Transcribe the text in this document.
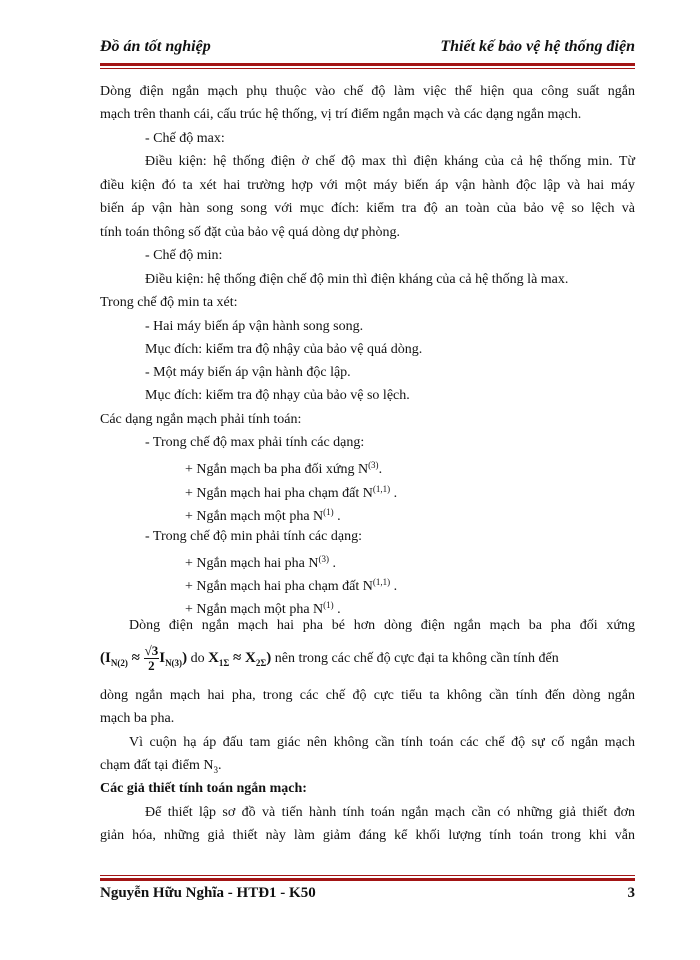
Đồ án tốt nghiệp	Thiết kế bảo vệ hệ thống điện
Dòng điện ngắn mạch phụ thuộc vào chế độ làm việc thể hiện qua công suất ngắn
mạch trên thanh cái, cấu trúc hệ thống, vị trí điểm ngắn mạch và các dạng ngắn mạch.
- Chế độ max:
Điều kiện: hệ thống điện ở chế độ max thì điện kháng của cả hệ thống min. Từ
điều kiện đó ta xét hai trường hợp với một máy biến áp vận hành độc lập và hai máy
biến áp vận hàn song song với mục đích: kiểm tra độ an toàn của bảo vệ so lệch và
tính toán thông số đặt của bảo vệ quá dòng dự phòng.
- Chế độ min:
Điều kiện: hệ thống điện chế độ min thì điện kháng của cả hệ thống là max.
Trong chế độ min ta xét:
- Hai máy biến áp vận hành song song.
Mục đích: kiểm tra độ nhậy của bảo vệ quá dòng.
- Một máy biến áp vận hành độc lập.
Mục đích: kiểm tra độ nhạy của bảo vệ so lệch.
Các dạng ngắn mạch phải tính toán:
- Trong chế độ max phải tính các dạng:
+ Ngắn mạch ba pha đối xứng $N^{(3)}$.
+ Ngắn mạch hai pha chạm đất N$^{(1,1)}$ .
+ Ngắn mạch một pha $N^{(1)}$ .
- Trong chế độ min phải tính các dạng:
+ Ngắn mạch hai pha $N^{(3)}$ .
+ Ngắn mạch hai pha chạm đất N$^{(1,1)}$ .
+ Ngắn mạch một pha $N^{(1)}$ .
Dòng điện ngắn mạch hai pha bé hơn dòng điện ngắn mạch ba pha đối xứng
$(I_{N(2)} \approx \frac{√3}{2} I_{N(3)})$ do $X_{1\Sigma} \approx X_{2\Sigma}$) nên trong các chế độ cực đại ta không cần tính đến
dòng ngắn mạch hai pha, trong các chế độ cực tiểu ta không cần tính đến dòng ngắn
mạch ba pha.
Vì cuộn hạ áp đấu tam giác nên không cần tính toán các chế độ sự cố ngắn mạch
chạm đất tại điểm $N_3$.
Các giả thiết tính toán ngắn mạch:
Để thiết lập sơ đồ và tiến hành tính toán ngắn mạch cần có những giả thiết đơn
giản hóa, những giả thiết này làm giảm đáng kể khối lượng tính toán trong khi vẫn
Nguyễn Hữu Nghĩa - HTĐ1 - K50	3
